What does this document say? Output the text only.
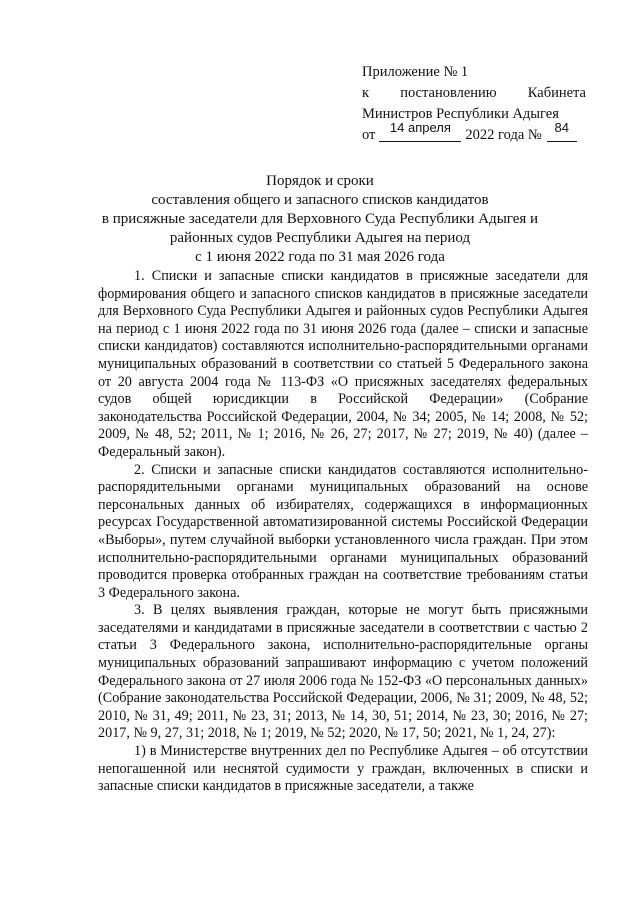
Приложение № 1
к постановлению Кабинета
Министров Республики Адыгея
от	14 апреля	2022 года № 84
Порядок и сроки
составления общего и запасного списков кандидатов
в присяжные заседатели для Верховного Суда Республики Адыгея и
районных судов Республики Адыгея на период
с 1 июня 2022 года по 31 мая 2026 года

1. Списки и запасные списки кандидатов в присяжные заседатели для формирования общего и запасного списков кандидатов в присяжные заседатели для Верховного Суда Республики Адыгея и районных судов Республики Адыгея на период с 1 июня 2022 года по 31 июня 2026 года (далее – списки и запасные списки кандидатов) составляются исполнительно-распорядительными органами муниципальных образований в соответствии со статьей 5 Федерального закона от 20 августа 2004 года № 113-ФЗ «О присяжных заседателях федеральных судов общей юрисдикции в Российской Федерации» (Собрание законодательства Российской Федерации, 2004, № 34; 2005, № 14; 2008, № 52; 2009, № 48, 52; 2011, № 1; 2016, № 26, 27; 2017, № 27; 2019, № 40) (далее – Федеральный закон).

2. Списки и запасные списки кандидатов составляются исполнительно-распорядительными органами муниципальных образований на основе персональных данных об избирателях, содержащихся в информационных ресурсах Государственной автоматизированной системы Российской Федерации «Выборы», путем случайной выборки установленного числа граждан. При этом исполнительно-распорядительными органами муниципальных образований проводится проверка отобранных граждан на соответствие требованиям статьи 3 Федерального закона.

3. В целях выявления граждан, которые не могут быть присяжными заседателями и кандидатами в присяжные заседатели в соответствии с частью 2 статьи 3 Федерального закона, исполнительно-распорядительные органы муниципальных образований запрашивают информацию с учетом положений Федерального закона от 27 июля 2006 года № 152-ФЗ «О персональных данных» (Собрание законодательства Российской Федерации, 2006, № 31; 2009, № 48, 52; 2010, № 31, 49; 2011, № 23, 31; 2013, № 14, 30, 51; 2014, № 23, 30; 2016, № 27; 2017, № 9, 27, 31; 2018, № 1; 2019, № 52; 2020, № 17, 50; 2021, № 1, 24, 27):

1) в Министерстве внутренних дел по Республике Адыгея – об отсутствии непогашенной или неснятой судимости у граждан, включенных в списки и запасные списки кандидатов в присяжные заседатели, а также
